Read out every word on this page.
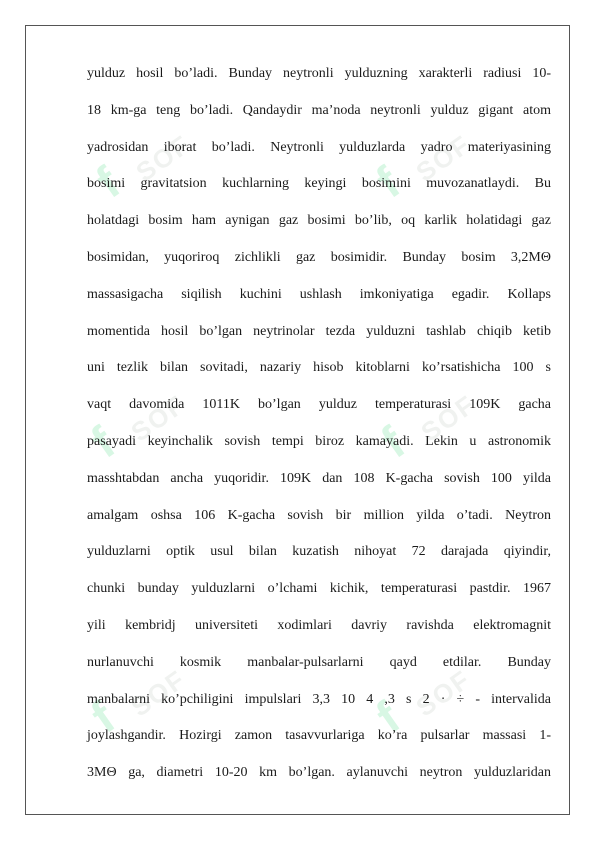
f SOF	f SOF
f SOF	f SOF
f SOF	f SOF
yulduz hosil bo’ladi. Bunday neytronli yulduzning xarakterli radiusi 10-
18 km-ga teng bo’ladi. Qandaydir ma’noda neytronli yulduz gigant atom
yadrosidan iborat bo’ladi. Neytronli yulduzlarda yadro materiyasining
bosimi gravitatsion kuchlarning keyingi bosimini muvozanatlaydi. Bu
holatdagi bosim ham aynigan gaz bosimi bo’lib, oq karlik holatidagi gaz
bosimidan, yuqoriroq zichlikli gaz bosimidir. Bunday bosim 3,2MΘ
massasigacha siqilish kuchini ushlash imkoniyatiga egadir. Kollaps
momentida hosil bo’lgan neytrinolar tezda yulduzni tashlab chiqib ketib
uni tezlik bilan sovitadi, nazariy hisob kitoblarni ko’rsatishicha 100 s
vaqt davomida 1011K bo’lgan yulduz temperaturasi 109K gacha
pasayadi keyinchalik sovish tempi biroz kamayadi. Lekin u astronomik
masshtabdan ancha yuqoridir. 109K dan 108 K-gacha sovish 100 yilda
amalgam oshsa 106 K-gacha sovish bir million yilda o’tadi. Neytron
yulduzlarni optik usul bilan kuzatish nihoyat 72 darajada qiyindir,
chunki bunday yulduzlarni o’lchami kichik, temperaturasi pastdir. 1967
yili kembridj universiteti xodimlari davriy ravishda elektromagnit
nurlanuvchi kosmik manbalar-pulsarlarni qayd etdilar. Bunday
manbalarni ko’pchiligini impulslari 3,3 10 4 ,3 s 2 · ÷ - intervalida
joylashgandir. Hozirgi zamon tasavvurlariga ko’ra pulsarlar massasi 1-
3MΘ ga, diametri 10-20 km bo’lgan. aylanuvchi neytron yulduzlaridan
